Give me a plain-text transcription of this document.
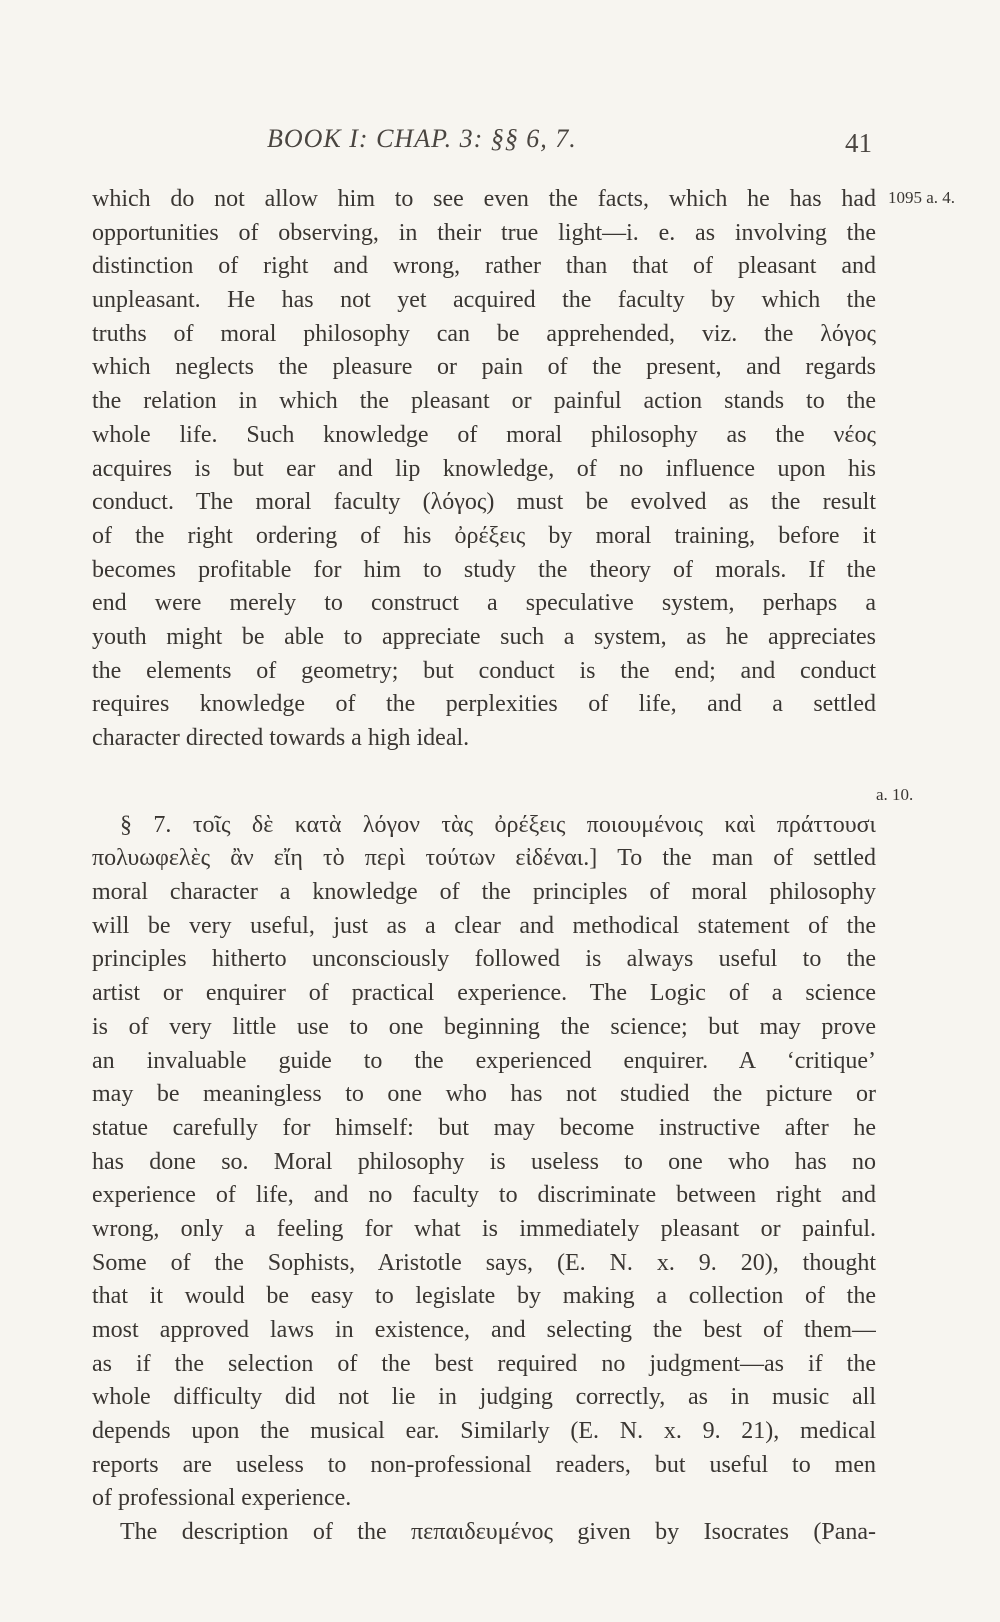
BOOK I: CHAP. 3: §§ 6, 7.	41
1095 a. 4.
a. 10.
which do not allow him to see even the facts, which he has had
opportunities of observing, in their true light—i. e. as involving the
distinction of right and wrong, rather than that of pleasant and
unpleasant. He has not yet acquired the faculty by which the
truths of moral philosophy can be apprehended, viz. the λόγος
which neglects the pleasure or pain of the present, and regards
the relation in which the pleasant or painful action stands to the
whole life. Such knowledge of moral philosophy as the νέος
acquires is but ear and lip knowledge, of no influence upon his
conduct. The moral faculty (λόγος) must be evolved as the result
of the right ordering of his ὀρέξεις by moral training, before it
becomes profitable for him to study the theory of morals. If the
end were merely to construct a speculative system, perhaps a
youth might be able to appreciate such a system, as he appreciates
the elements of geometry; but conduct is the end; and conduct
requires knowledge of the perplexities of life, and a settled
character directed towards a high ideal.
§ 7. τοῖς δὲ κατὰ λόγον τὰς ὀρέξεις ποιουμένοις καὶ πράττουσι
πολυωφελὲς ἂν εἴη τὸ περὶ τούτων εἰδέναι.] To the man of settled
moral character a knowledge of the principles of moral philosophy
will be very useful, just as a clear and methodical statement of the
principles hitherto unconsciously followed is always useful to the
artist or enquirer of practical experience. The Logic of a science
is of very little use to one beginning the science; but may prove
an invaluable guide to the experienced enquirer. A ‘critique’
may be meaningless to one who has not studied the picture or
statue carefully for himself: but may become instructive after he
has done so. Moral philosophy is useless to one who has no
experience of life, and no faculty to discriminate between right and
wrong, only a feeling for what is immediately pleasant or painful.
Some of the Sophists, Aristotle says, (E. N. x. 9. 20), thought
that it would be easy to legislate by making a collection of the
most approved laws in existence, and selecting the best of them—
as if the selection of the best required no judgment—as if the
whole difficulty did not lie in judging correctly, as in music all
depends upon the musical ear. Similarly (E. N. x. 9. 21), medical
reports are useless to non-professional readers, but useful to men
of professional experience.
The description of the πεπαιδευμένος given by Isocrates (Pana-
